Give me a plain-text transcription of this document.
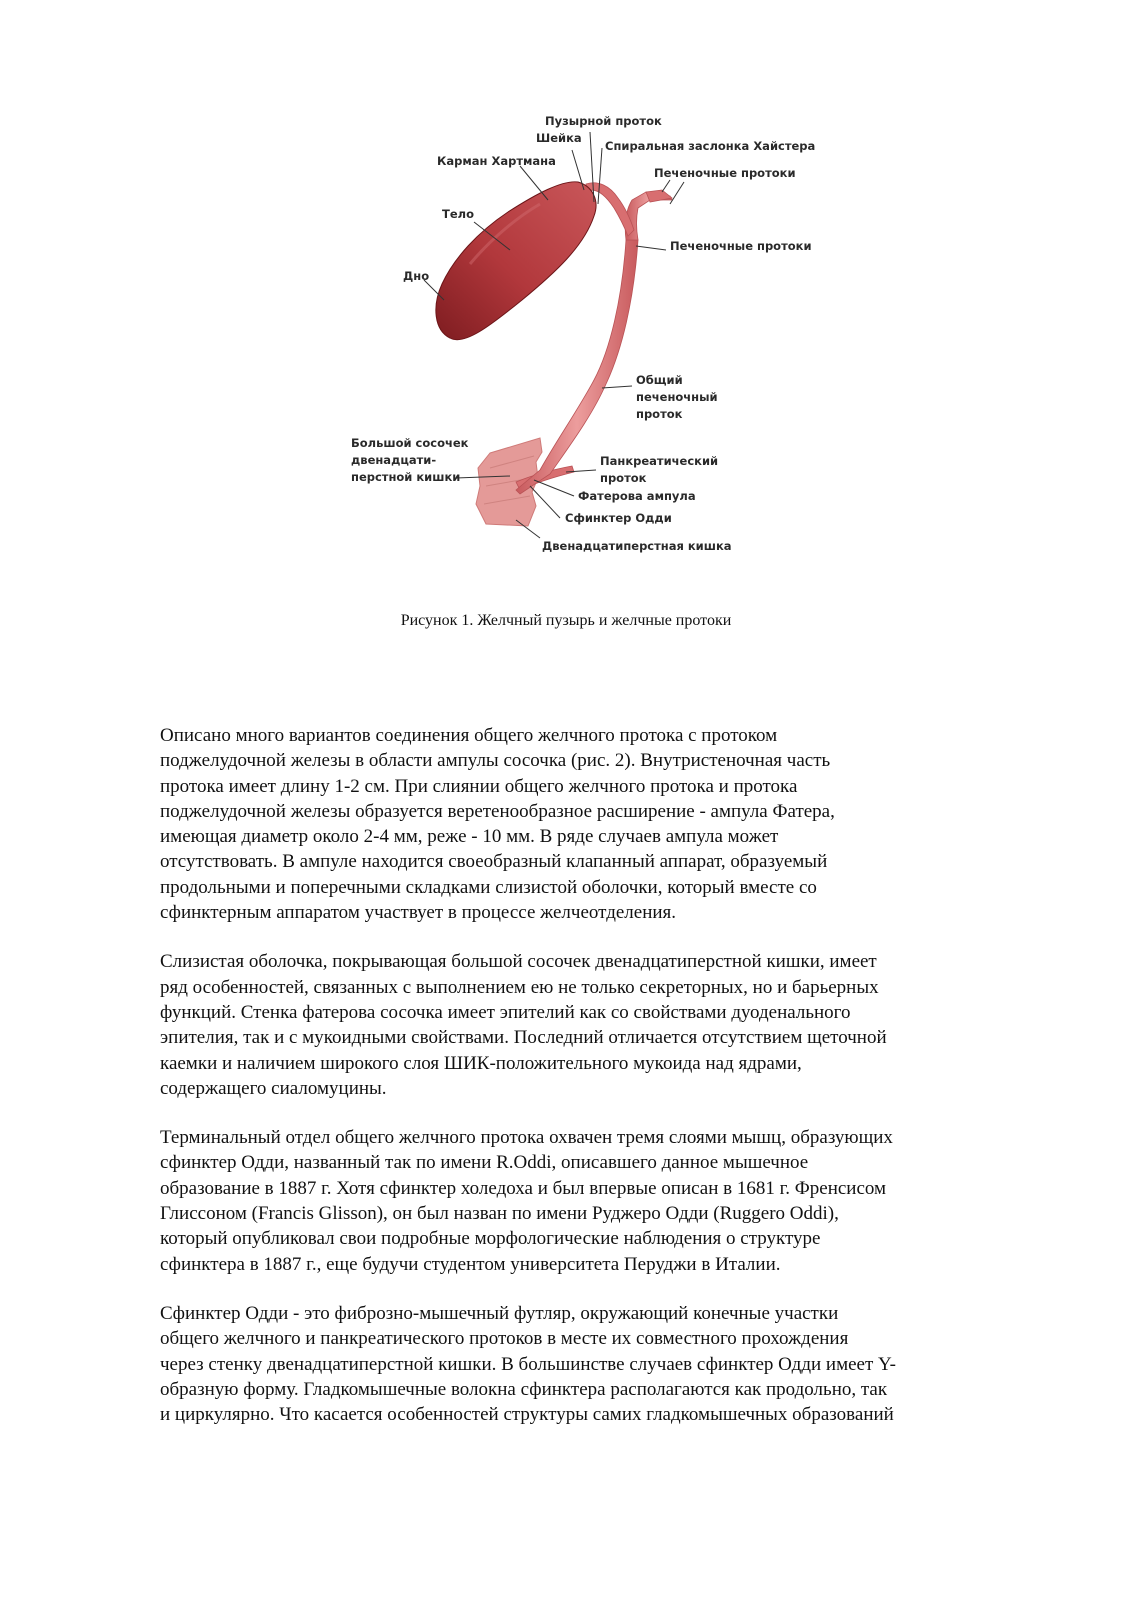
Пузырной проток
Шейка
Спиральная заслонка Хайстера
Карман Хартмана
Печеночные протоки
Тело
Печеночные протоки
Дно
Общий
печеночный
проток
Большой сосочек
двенадцати-
перстной кишки
Панкреатический
проток
Фатерова ампула
Сфинктер Одди
Двенадцатиперстная кишка
Рисунок 1. Желчный пузырь и желчные протоки

Описано много вариантов соединения общего желчного протока с протоком
поджелудочной железы в области ампулы сосочка (рис. 2). Внутристеночная часть
протока имеет длину 1-2 см. При слиянии общего желчного протока и протока
поджелудочной железы образуется веретенообразное расширение - ампула Фатера,
имеющая диаметр около 2-4 мм, реже - 10 мм. В ряде случаев ампула может
отсутствовать. В ампуле находится своеобразный клапанный аппарат, образуемый
продольными и поперечными складками слизистой оболочки, который вместе со
сфинктерным аппаратом участвует в процессе желчеотделения.

Слизистая оболочка, покрывающая большой сосочек двенадцатиперстной кишки, имеет
ряд особенностей, связанных с выполнением ею не только секреторных, но и барьерных
функций. Стенка фатерова сосочка имеет эпителий как со свойствами дуоденального
эпителия, так и с мукоидными свойствами. Последний отличается отсутствием щеточной
каемки и наличием широкого слоя ШИК-положительного мукоида над ядрами,
содержащего сиаломуцины.

Терминальный отдел общего желчного протока охвачен тремя слоями мышц, образующих
сфинктер Одди, названный так по имени R.Oddi, описавшего данное мышечное
образование в 1887 г. Хотя сфинктер холедоха и был впервые описан в 1681 г. Френсисом
Глиссоном (Francis Glisson), он был назван по имени Руджеро Одди (Ruggero Oddi),
который опубликовал свои подробные морфологические наблюдения о структуре
сфинктера в 1887 г., еще будучи студентом университета Перуджи в Италии.

Сфинктер Одди - это фиброзно-мышечный футляр, окружающий конечные участки
общего желчного и панкреатического протоков в месте их совместного прохождения
через стенку двенадцатиперстной кишки. В большинстве случаев сфинктер Одди имеет Y-
образную форму. Гладкомышечные волокна сфинктера располагаются как продольно, так
и циркулярно. Что касается особенностей структуры самих гладкомышечных образований
